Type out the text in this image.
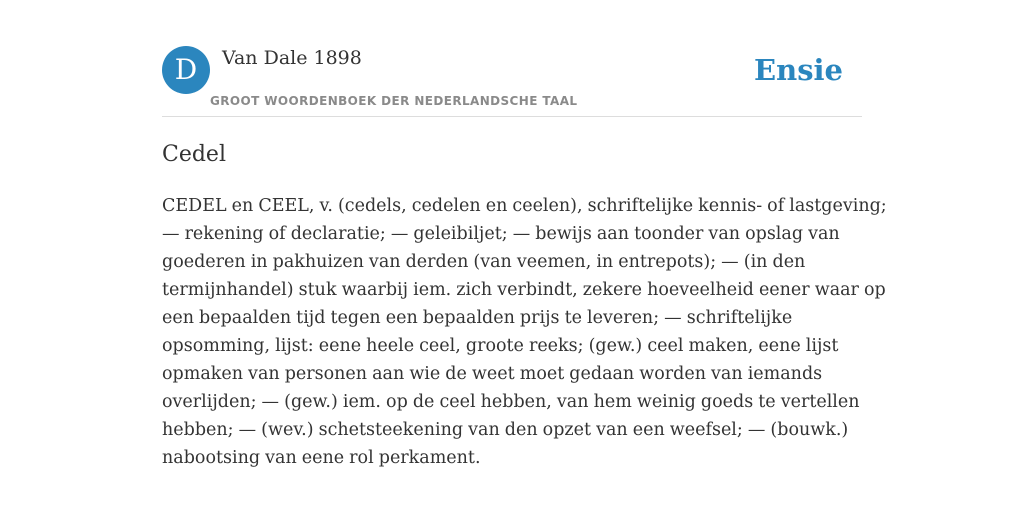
D	Van Dale 1898
GROOT WOORDENBOEK DER NEDERLANDSCHE TAAL
Ensie
Cedel

CEDEL en CEEL, v. (cedels, cedelen en ceelen), schriftelijke kennis- of lastgeving;
— rekening of declaratie; — geleibiljet; — bewijs aan toonder van opslag van
goederen in pakhuizen van derden (van veemen, in entrepots); — (in den
termijnhandel) stuk waarbij iem. zich verbindt, zekere hoeveelheid eener waar op
een bepaalden tijd tegen een bepaalden prijs te leveren; — schriftelijke
opsomming, lijst: eene heele ceel, groote reeks; (gew.) ceel maken, eene lijst
opmaken van personen aan wie de weet moet gedaan worden van iemands
overlijden; — (gew.) iem. op de ceel hebben, van hem weinig goeds te vertellen
hebben; — (wev.) schetsteekening van den opzet van een weefsel; — (bouwk.)
nabootsing van eene rol perkament.
